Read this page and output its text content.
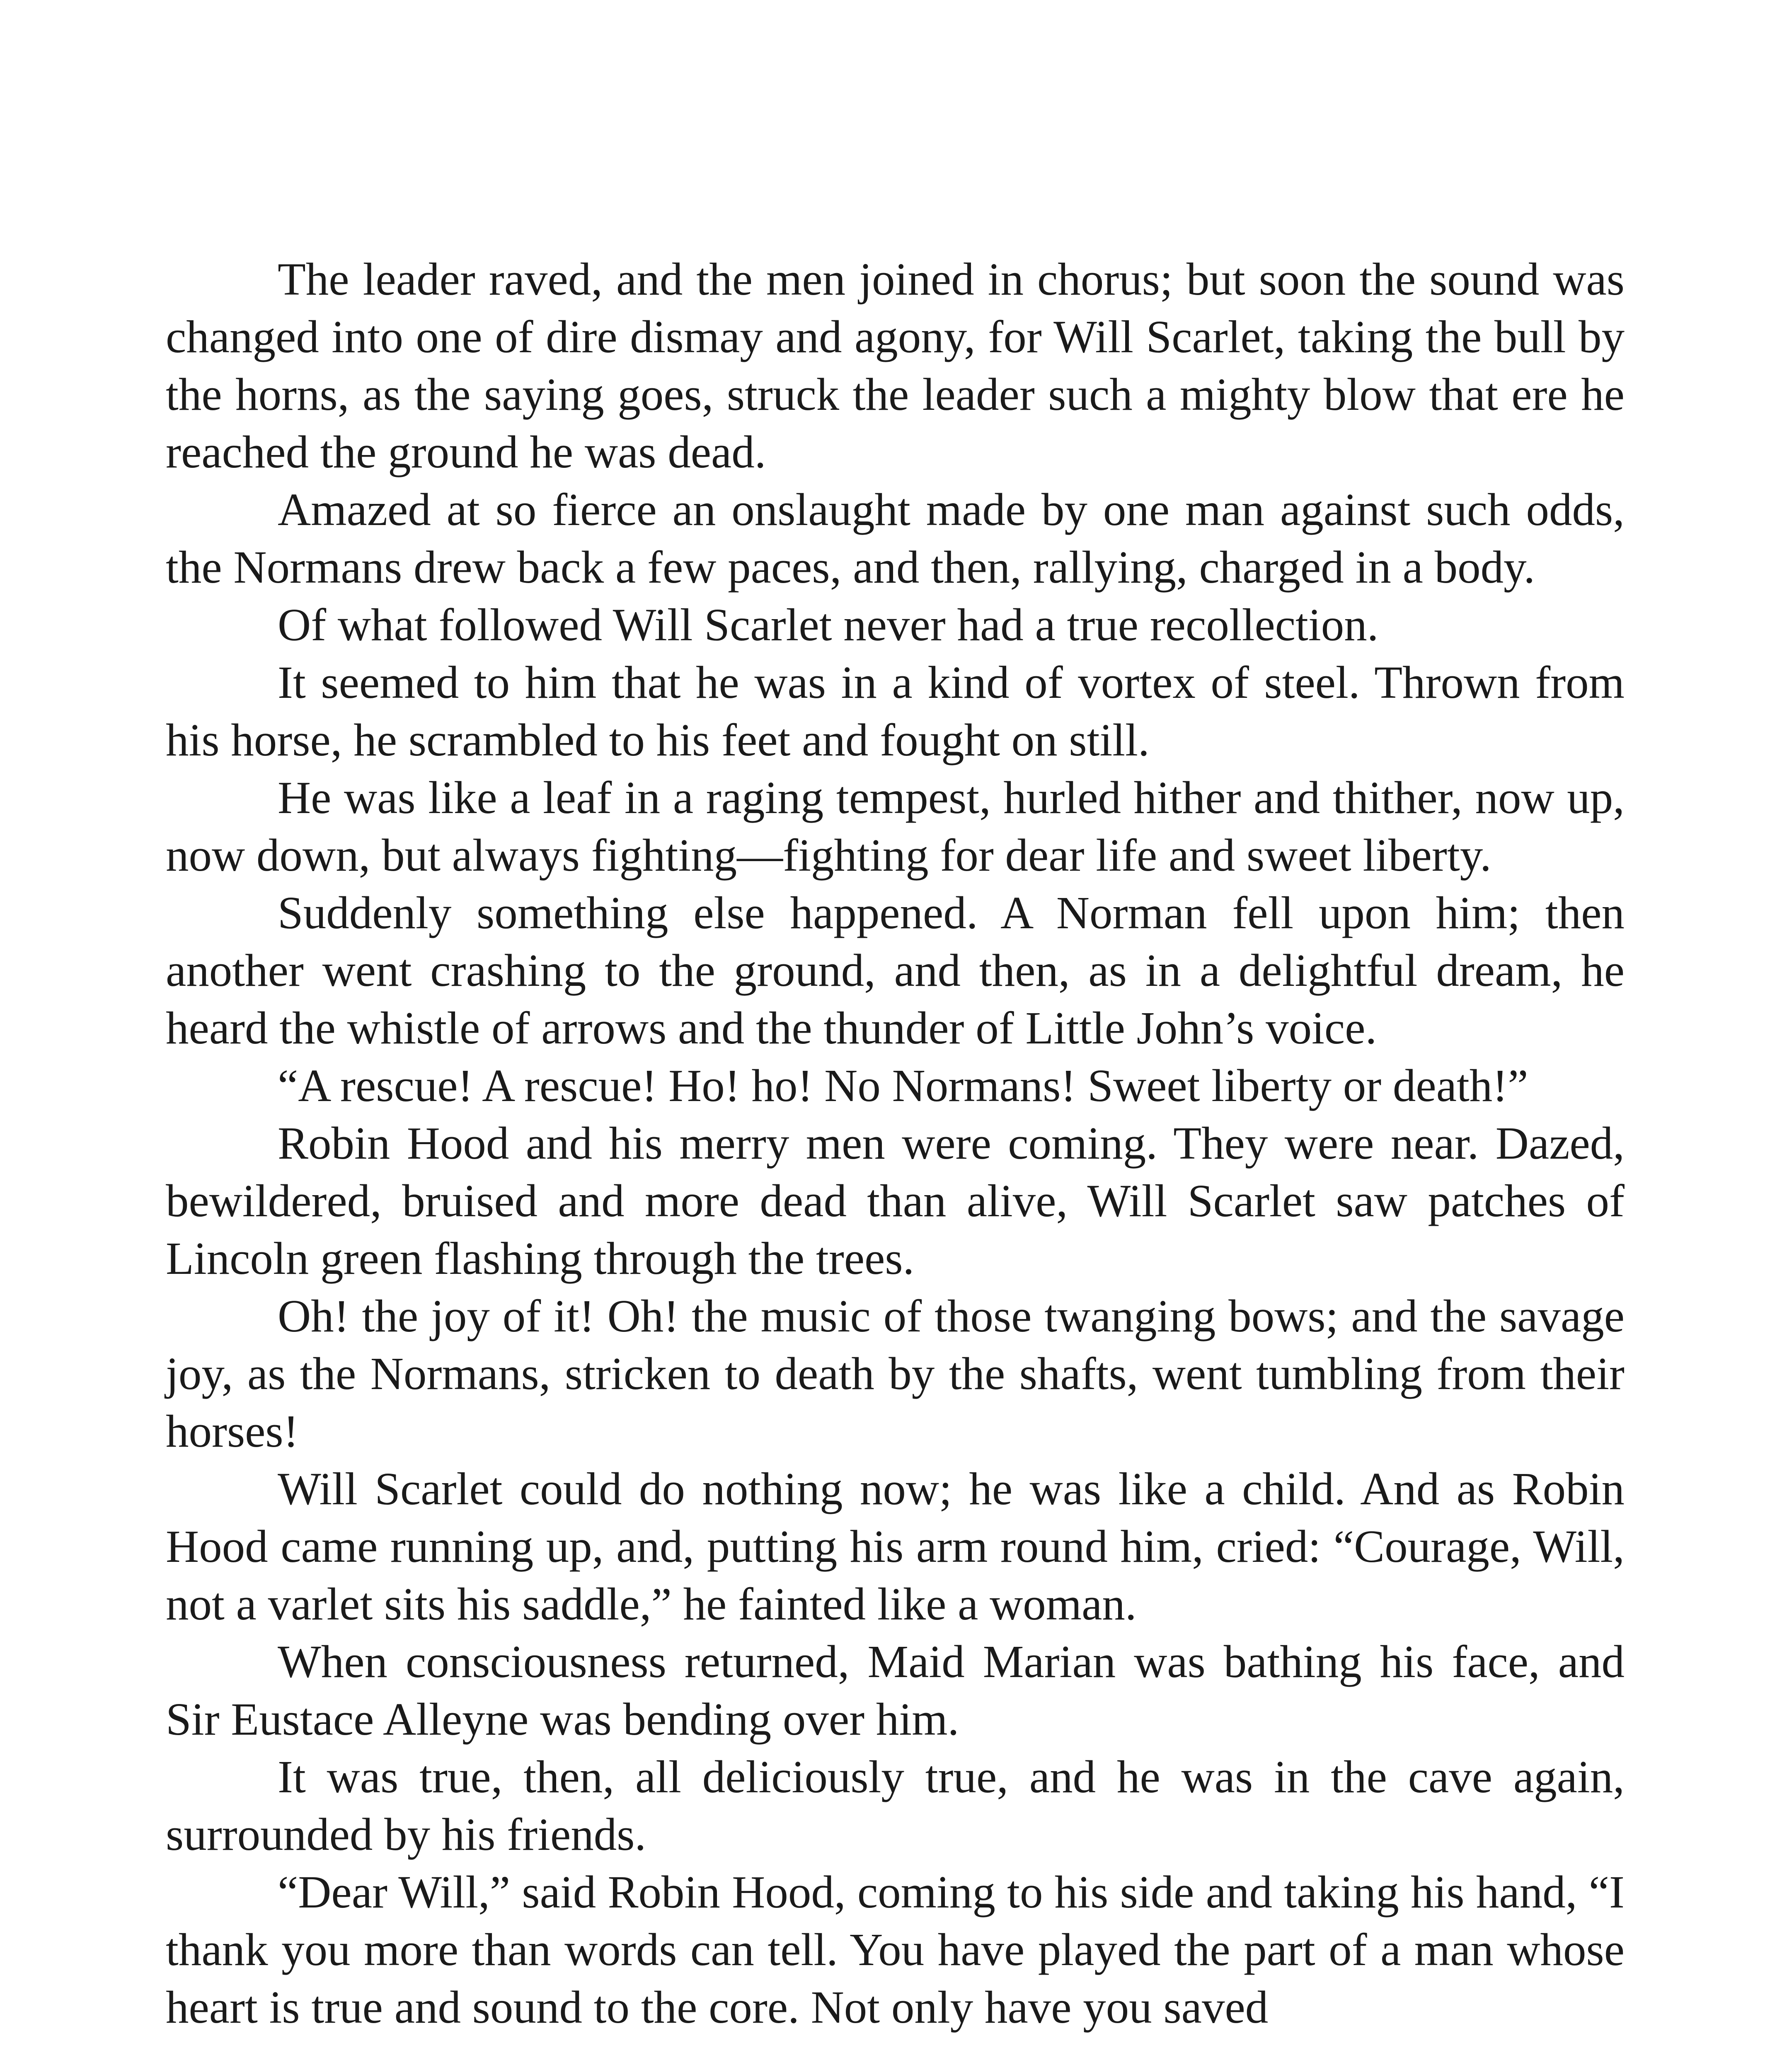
The leader raved, and the men joined in chorus; but soon the sound was changed into one of dire dismay and agony, for Will Scarlet, taking the bull by the horns, as the saying goes, struck the leader such a mighty blow that ere he reached the ground he was dead.

Amazed at so fierce an onslaught made by one man against such odds, the Normans drew back a few paces, and then, rallying, charged in a body.

Of what followed Will Scarlet never had a true recollection.

It seemed to him that he was in a kind of vortex of steel. Thrown from his horse, he scrambled to his feet and fought on still.

He was like a leaf in a raging tempest, hurled hither and thither, now up, now down, but always fighting—fighting for dear life and sweet liberty.

Suddenly something else happened. A Norman fell upon him; then another went crashing to the ground, and then, as in a delightful dream, he heard the whistle of arrows and the thunder of Little John’s voice.

“A rescue! A rescue! Ho! ho! No Normans! Sweet liberty or death!”

Robin Hood and his merry men were coming. They were near. Dazed, bewildered, bruised and more dead than alive, Will Scarlet saw patches of Lincoln green flashing through the trees.

Oh! the joy of it! Oh! the music of those twanging bows; and the savage joy, as the Normans, stricken to death by the shafts, went tumbling from their horses!

Will Scarlet could do nothing now; he was like a child. And as Robin Hood came running up, and, putting his arm round him, cried: “Courage, Will, not a varlet sits his saddle,” he fainted like a woman.

When consciousness returned, Maid Marian was bathing his face, and Sir Eustace Alleyne was bending over him.

It was true, then, all deliciously true, and he was in the cave again, surrounded by his friends.

“Dear Will,” said Robin Hood, coming to his side and taking his hand, “I thank you more than words can tell. You have played the part of a man whose heart is true and sound to the core. Not only have you saved
